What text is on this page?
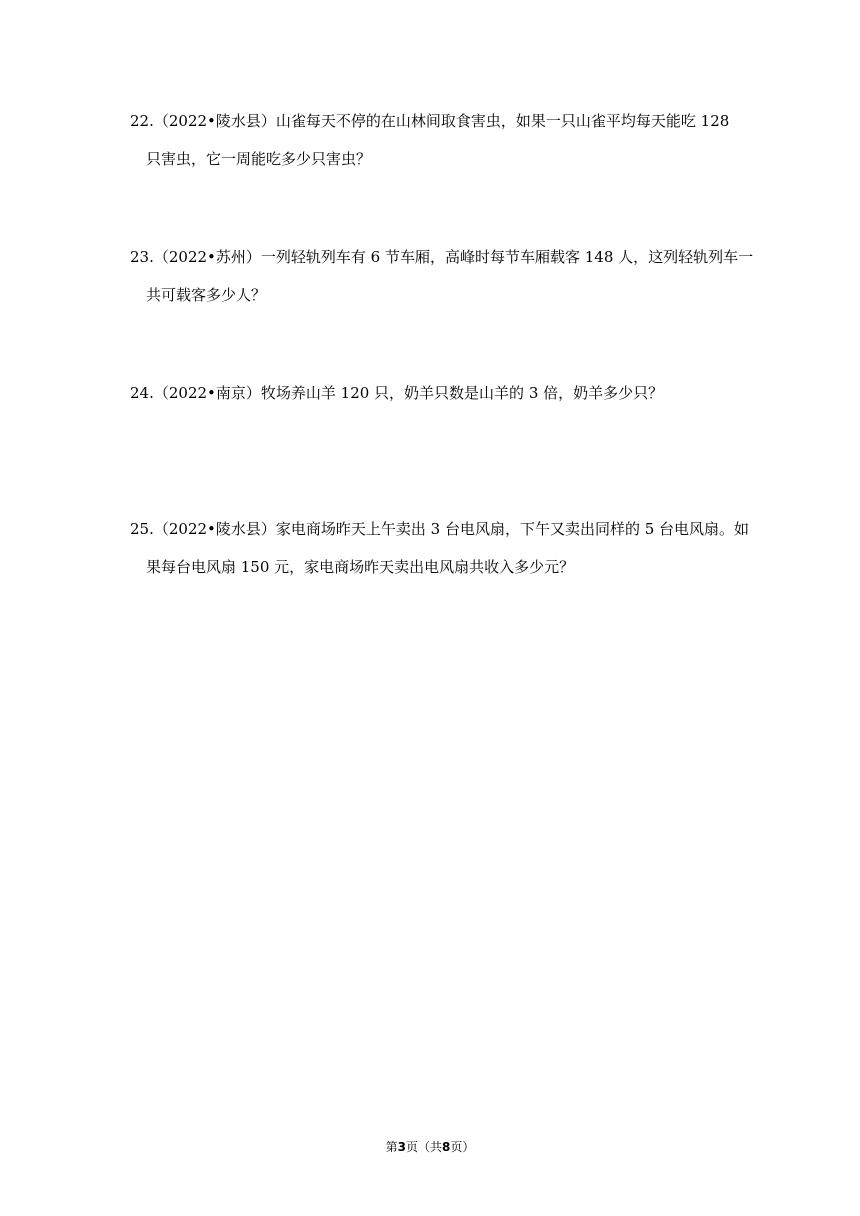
22.（2022•陵水县）山雀每天不停的在山林间取食害虫，如果一只山雀平均每天能吃 128
只害虫，它一周能吃多少只害虫？
23.（2022•苏州）一列轻轨列车有 6 节车厢，高峰时每节车厢载客 148 人，这列轻轨列车一
共可载客多少人？
24.（2022•南京）牧场养山羊 120 只，奶羊只数是山羊的 3 倍，奶羊多少只？
25.（2022•陵水县）家电商场昨天上午卖出 3 台电风扇，下午又卖出同样的 5 台电风扇。如
果每台电风扇 150 元，家电商场昨天卖出电风扇共收入多少元？
第3页（共8页）
